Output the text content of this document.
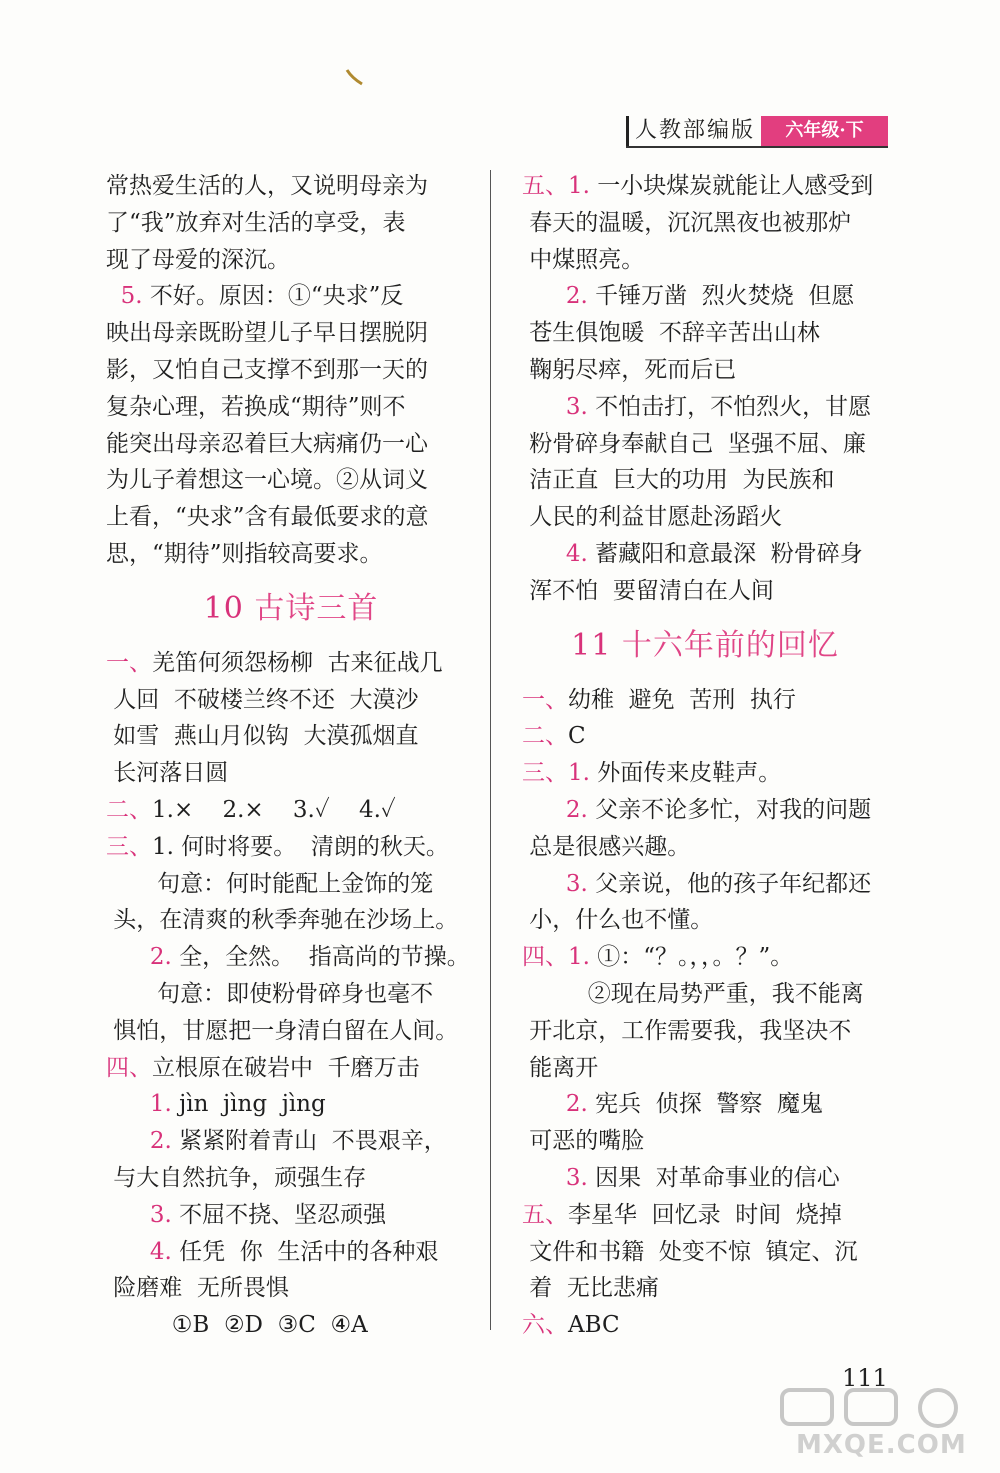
人教部编版	六年级·下
常热爱生活的人，又说明母亲为
了“我”放弃对生活的享受，表
现了母爱的深沉。
5. 不好。原因：①“央求”反
映出母亲既盼望儿子早日摆脱阴
影，又怕自己支撑不到那一天的
复杂心理，若换成“期待”则不
能突出母亲忍着巨大病痛仍一心
为儿子着想这一心境。②从词义
上看，“央求”含有最低要求的意
思，“期待”则指较高要求。
10 古诗三首
一、羌笛何须怨杨柳  古来征战几
人回  不破楼兰终不还  大漠沙
如雪  燕山月似钩  大漠孤烟直
长河落日圆
二、1.×    2.×    3.✓    4.✓
三、1. 何时将要。  清朗的秋天。
句意：何时能配上金饰的笼
头，在清爽的秋季奔驰在沙场上。
2. 全，全然。  指高尚的节操。
句意：即使粉骨碎身也毫不
惧怕，甘愿把一身清白留在人间。
四、立根原在破岩中  千磨万击
1. jìn  jìng  jìng
2. 紧紧附着青山  不畏艰辛，
与大自然抗争，顽强生存
3. 不屈不挠、坚忍顽强
4. 任凭  你  生活中的各种艰
险磨难  无所畏惧
①B  ②D  ③C  ④A
五、1. 一小块煤炭就能让人感受到
春天的温暖，沉沉黑夜也被那炉
中煤照亮。
2. 千锤万凿  烈火焚烧  但愿
苍生俱饱暖  不辞辛苦出山林
鞠躬尽瘁，死而后已
3. 不怕击打，不怕烈火，甘愿
粉骨碎身奉献自己  坚强不屈、廉
洁正直  巨大的功用  为民族和
人民的利益甘愿赴汤蹈火
4. 蓄藏阳和意最深  粉骨碎身
浑不怕  要留清白在人间
11 十六年前的回忆
一、幼稚  避免  苦刑  执行
二、C
三、1. 外面传来皮鞋声。
2. 父亲不论多忙，对我的问题
总是很感兴趣。
3. 父亲说，他的孩子年纪都还
小，什么也不懂。
四、1. ①：“？。，，。？”。
②现在局势严重，我不能离
开北京，工作需要我，我坚决不
能离开
2. 宪兵  侦探  警察  魔鬼
可恶的嘴脸
3. 因果  对革命事业的信心
五、李星华  回忆录  时间  烧掉
文件和书籍  处变不惊  镇定、沉
着  无比悲痛
六、ABC
111
MXQE.COM
